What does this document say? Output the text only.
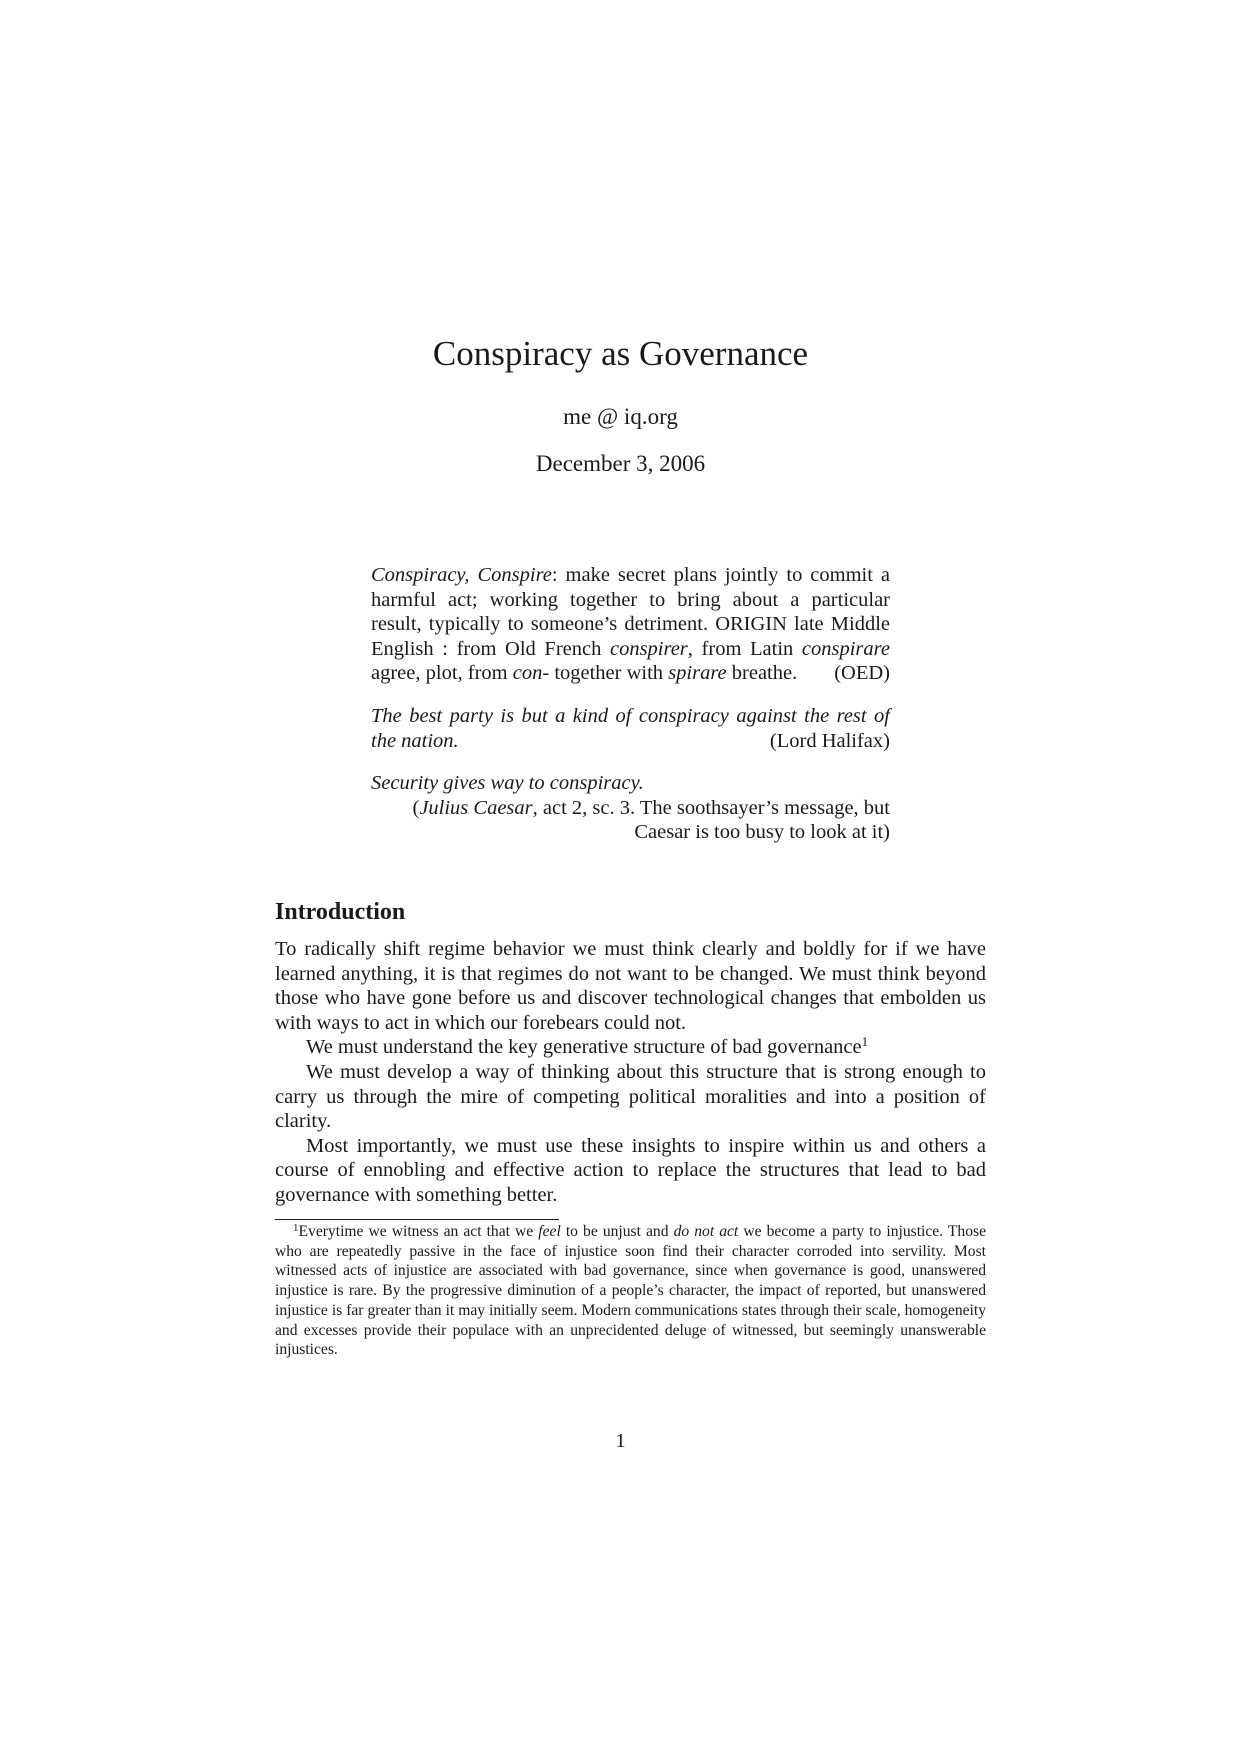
Conspiracy as Governance
me @ iq.org
December 3, 2006
Conspiracy, Conspire: make secret plans jointly to commit a harmful act; working together to bring about a particular result, typically to someone’s detriment. ORIGIN late Middle English : from Old French conspirer, from Latin conspirare agree, plot, from con- together with spirare breathe.	(OED)
The best party is but a kind of conspiracy against the rest of the nation.	(Lord Halifax)
Security gives way to conspiracy.
(Julius Caesar, act 2, sc. 3. The soothsayer’s message, but Caesar is too busy to look at it)
Introduction

To radically shift regime behavior we must think clearly and boldly for if we have learned anything, it is that regimes do not want to be changed. We must think beyond those who have gone before us and discover technological changes that embolden us with ways to act in which our forebears could not.

We must understand the key generative structure of bad governance$^1$

We must develop a way of thinking about this structure that is strong enough to carry us through the mire of competing political moralities and into a position of clarity.

Most importantly, we must use these insights to inspire within us and others a course of ennobling and effective action to replace the structures that lead to bad governance with something better.

$^1$Everytime we witness an act that we feel to be unjust and do not act we become a party to injustice. Those who are repeatedly passive in the face of injustice soon find their character corroded into servility. Most witnessed acts of injustice are associated with bad governance, since when governance is good, unanswered injustice is rare. By the progressive diminution of a people’s character, the impact of reported, but unanswered injustice is far greater than it may initially seem. Modern communications states through their scale, homogeneity and excesses provide their populace with an unprecidented deluge of witnessed, but seemingly unanswerable injustices.

1
